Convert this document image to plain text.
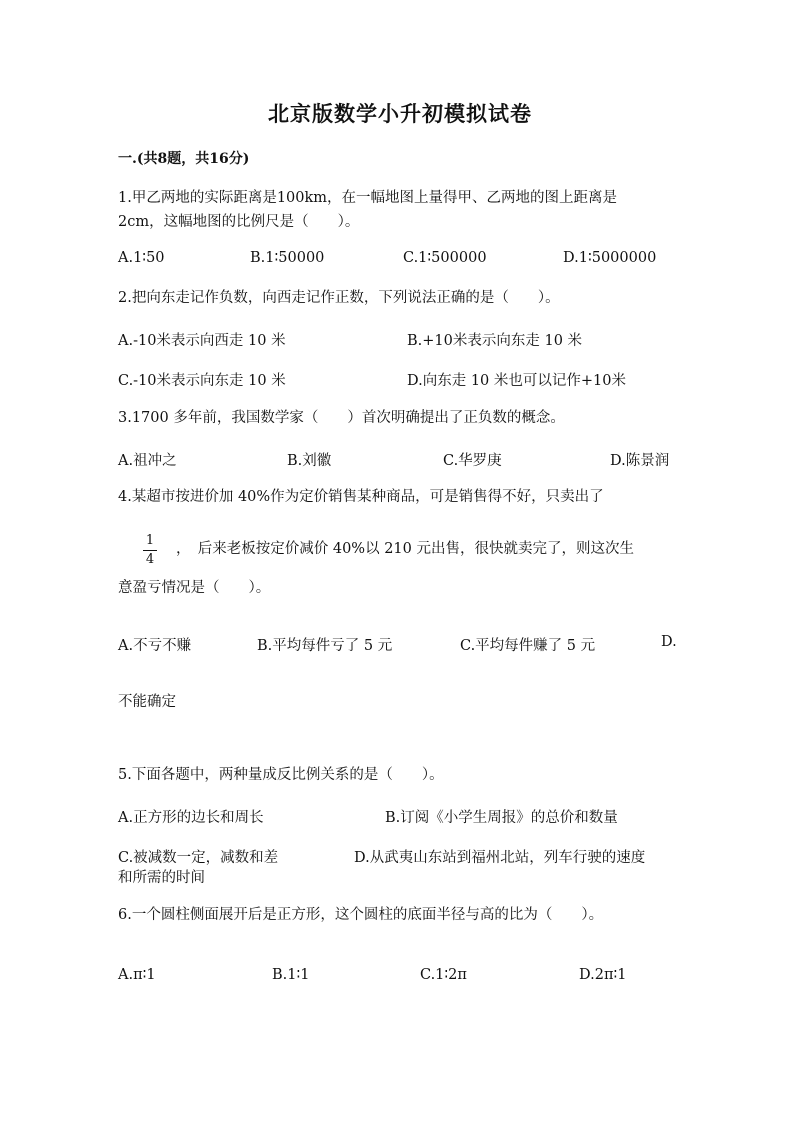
北京版数学小升初模拟试卷
一.(共8题，共16分)
1.甲乙两地的实际距离是100km，在一幅地图上量得甲、乙两地的图上距离是
2cm，这幅地图的比例尺是（　　）。
A.1∶50	B.1∶50000	C.1∶500000	D.1∶5000000
2.把向东走记作负数，向西走记作正数，下列说法正确的是（　　）。
A.-10米表示向西走 10 米	B.+10米表示向东走 10 米
C.-10米表示向东走 10 米	D.向东走 10 米也可以记作+10米
3.1700 多年前，我国数学家（　　）首次明确提出了正负数的概念。
A.祖冲之	B.刘徽	C.华罗庚	D.陈景润
4.某超市按进价加 40%作为定价销售某种商品，可是销售得不好，只卖出了
1
4
，　后来老板按定价减价 40%以 210 元出售，很快就卖完了，则这次生
意盈亏情况是（　　）。
A.不亏不赚	B.平均每件亏了 5 元	C.平均每件赚了 5 元	D.
不能确定
5.下面各题中，两种量成反比例关系的是（　　）。
A.正方形的边长和周长	B.订阅《小学生周报》的总价和数量
C.被减数一定，减数和差	D.从武夷山东站到福州北站，列车行驶的速度
和所需的时间
6.一个圆柱侧面展开后是正方形，这个圆柱的底面半径与高的比为（　　）。
A.π∶1	B.1∶1	C.1∶2π	D.2π∶1
